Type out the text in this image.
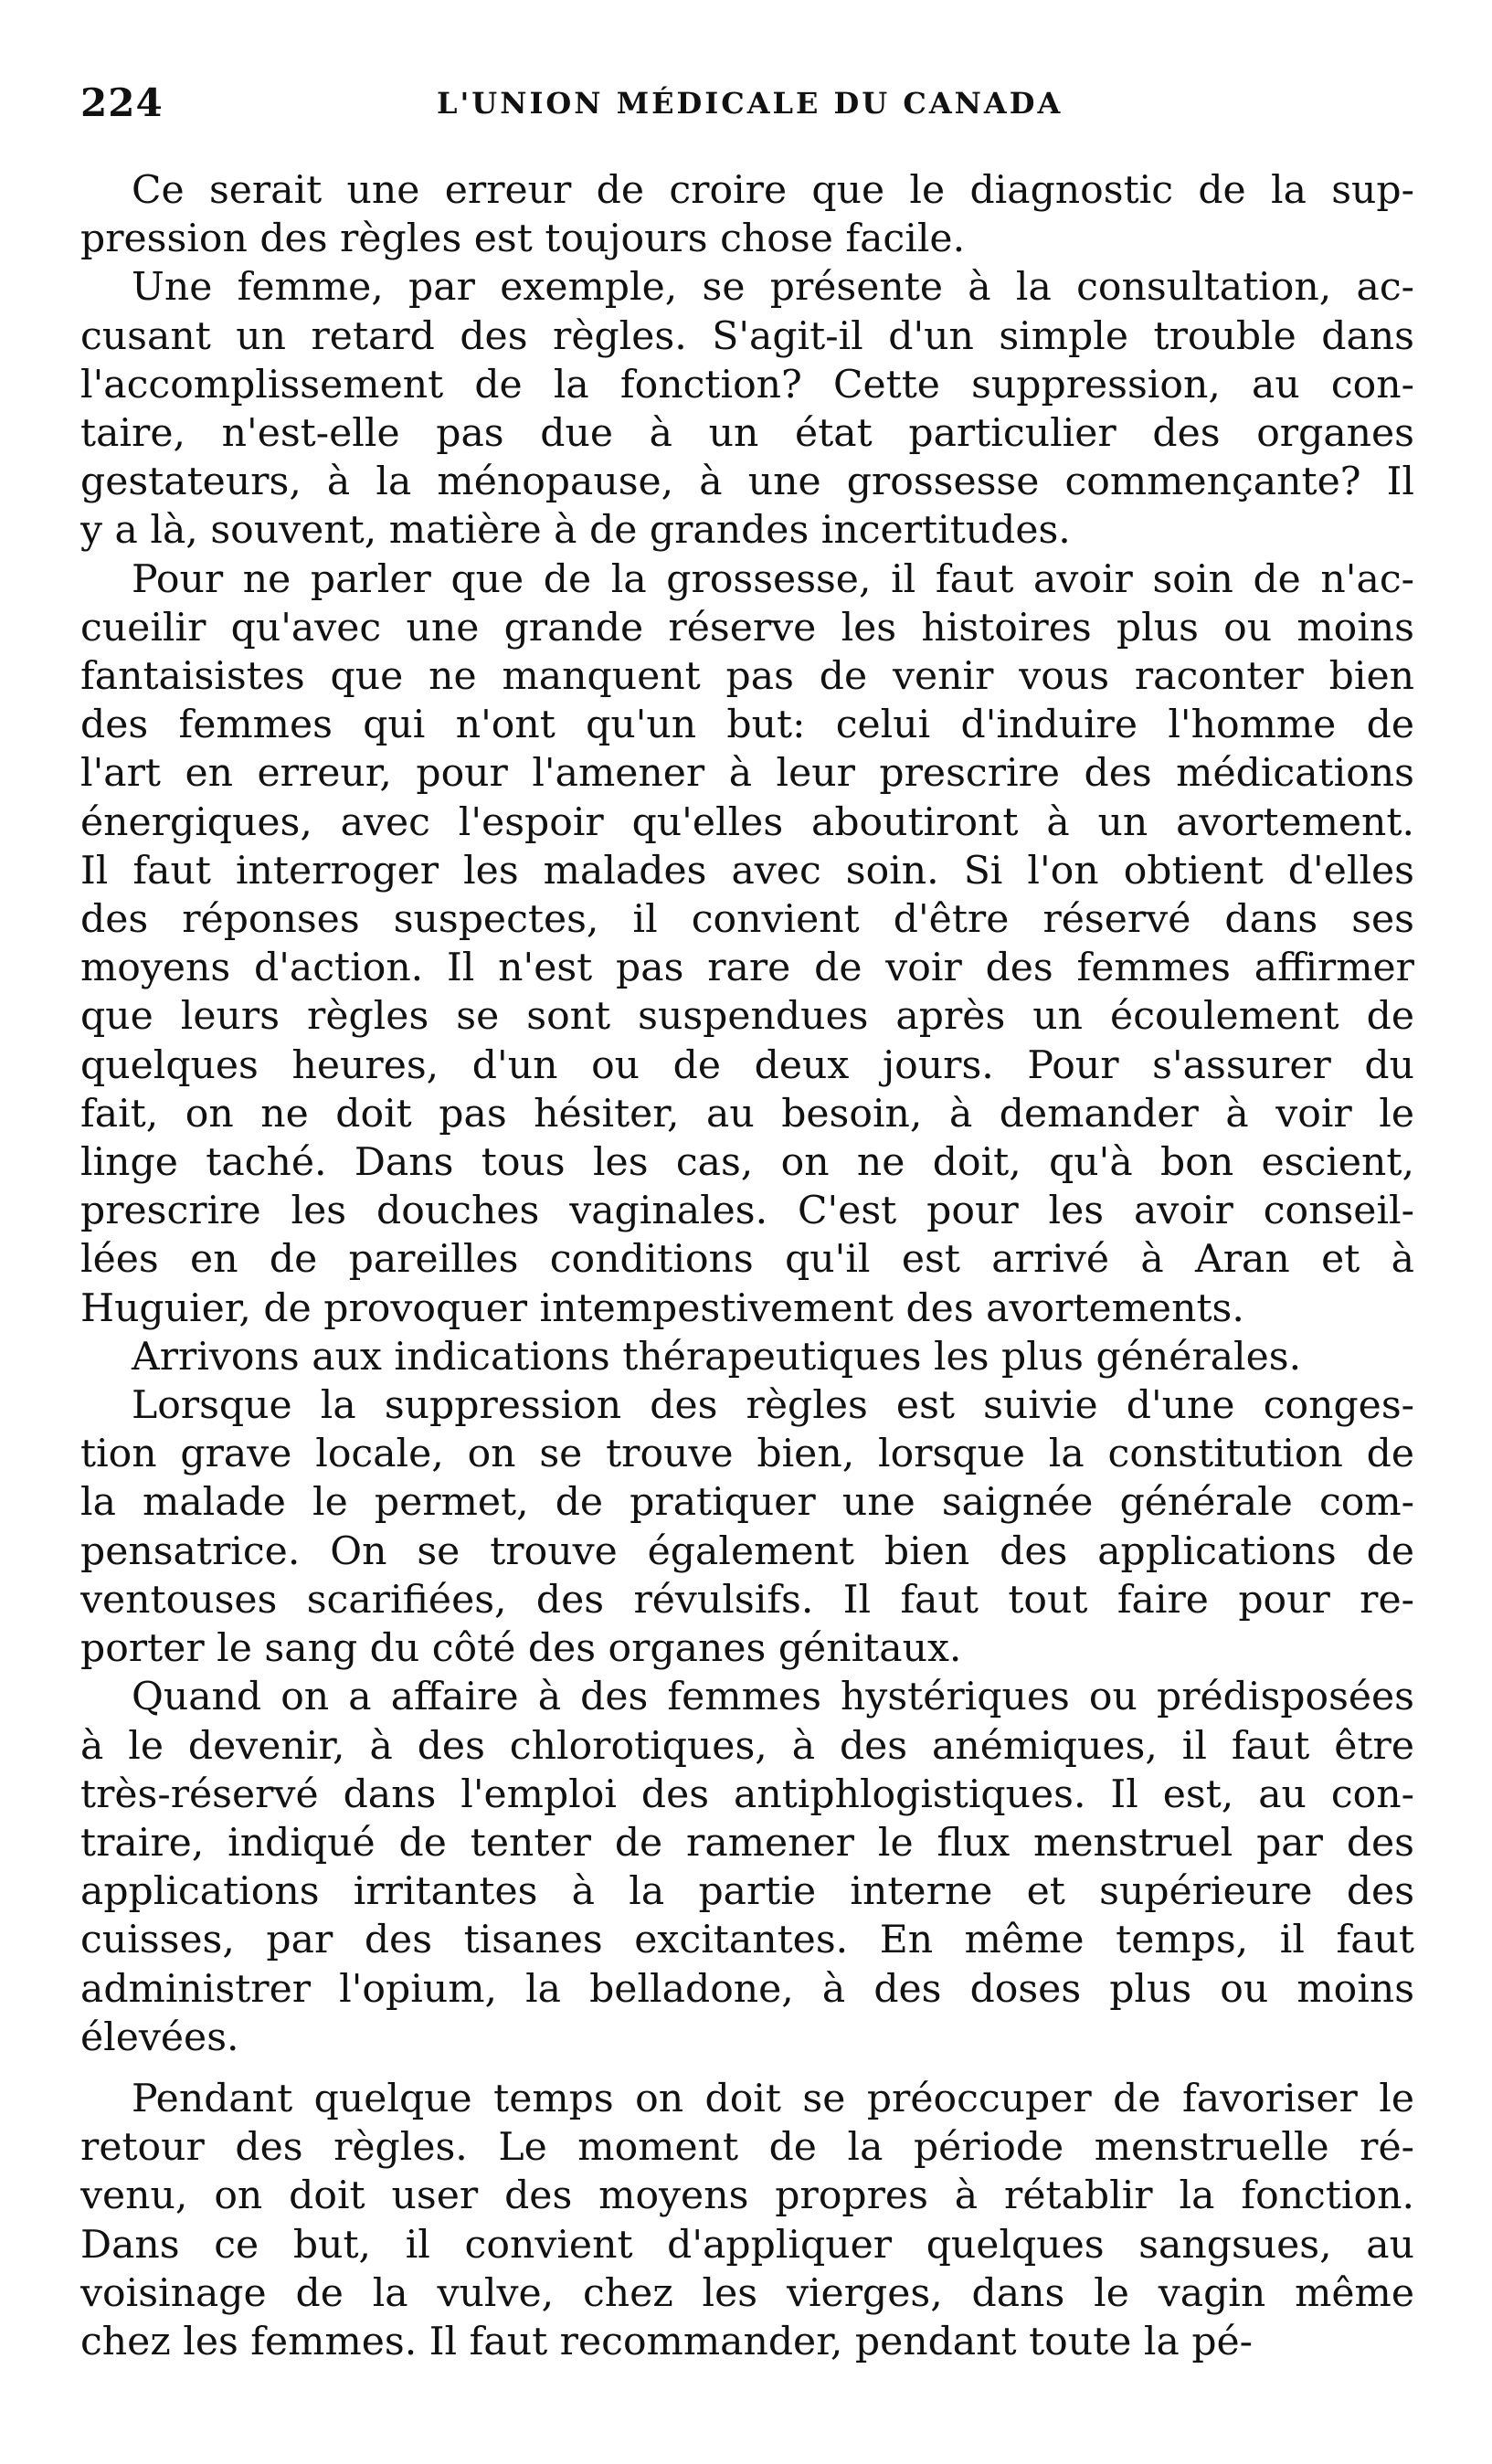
224	L'UNION MÉDICALE DU CANADA
Ce serait une erreur de croire que le diagnostic de la sup-
pression des règles est toujours chose facile.
Une femme, par exemple, se présente à la consultation, ac-
cusant un retard des règles. S'agit-il d'un simple trouble dans
l'accomplissement de la fonction? Cette suppression, au con-
taire, n'est-elle pas due à un état particulier des organes
gestateurs, à la ménopause, à une grossesse commençante? Il
y a là, souvent, matière à de grandes incertitudes.
Pour ne parler que de la grossesse, il faut avoir soin de n'ac-
cueilir qu'avec une grande réserve les histoires plus ou moins
fantaisistes que ne manquent pas de venir vous raconter bien
des femmes qui n'ont qu'un but: celui d'induire l'homme de
l'art en erreur, pour l'amener à leur prescrire des médications
énergiques, avec l'espoir qu'elles aboutiront à un avortement.
Il faut interroger les malades avec soin. Si l'on obtient d'elles
des réponses suspectes, il convient d'être réservé dans ses
moyens d'action. Il n'est pas rare de voir des femmes affirmer
que leurs règles se sont suspendues après un écoulement de
quelques heures, d'un ou de deux jours. Pour s'assurer du
fait, on ne doit pas hésiter, au besoin, à demander à voir le
linge taché. Dans tous les cas, on ne doit, qu'à bon escient,
prescrire les douches vaginales. C'est pour les avoir conseil-
lées en de pareilles conditions qu'il est arrivé à Aran et à
Huguier, de provoquer intempestivement des avortements.
Arrivons aux indications thérapeutiques les plus générales.
Lorsque la suppression des règles est suivie d'une conges-
tion grave locale, on se trouve bien, lorsque la constitution de
la malade le permet, de pratiquer une saignée générale com-
pensatrice. On se trouve également bien des applications de
ventouses scarifiées, des révulsifs. Il faut tout faire pour re-
porter le sang du côté des organes génitaux.
Quand on a affaire à des femmes hystériques ou prédisposées
à le devenir, à des chlorotiques, à des anémiques, il faut être
très-réservé dans l'emploi des antiphlogistiques. Il est, au con-
traire, indiqué de tenter de ramener le flux menstruel par des
applications irritantes à la partie interne et supérieure des
cuisses, par des tisanes excitantes. En même temps, il faut
administrer l'opium, la belladone, à des doses plus ou moins
élevées.
Pendant quelque temps on doit se préoccuper de favoriser le
retour des règles. Le moment de la période menstruelle ré-
venu, on doit user des moyens propres à rétablir la fonction.
Dans ce but, il convient d'appliquer quelques sangsues, au
voisinage de la vulve, chez les vierges, dans le vagin même
chez les femmes. Il faut recommander, pendant toute la pé-
